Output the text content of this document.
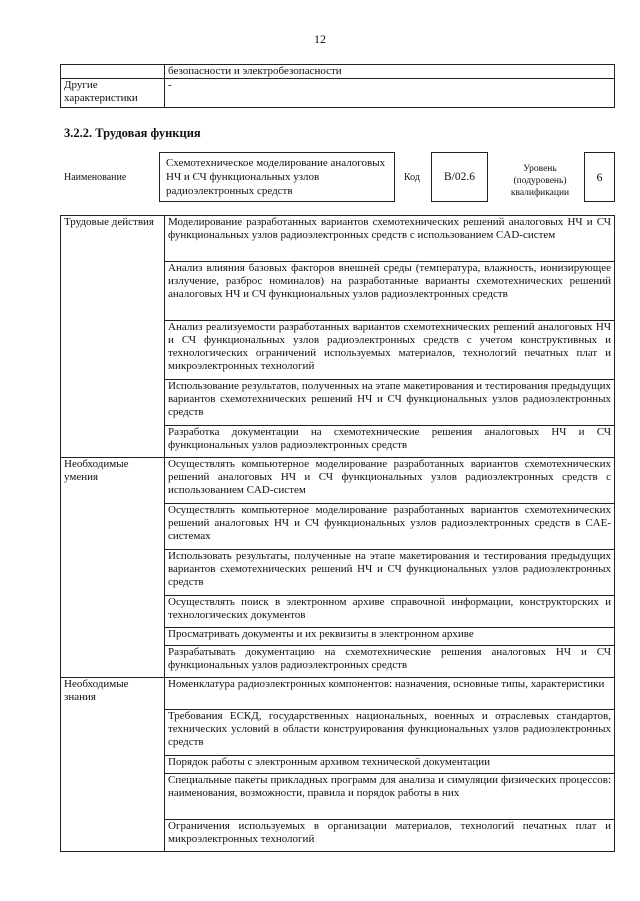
12
	безопасности и электробезопасности
Другие характеристики	-
3.2.2. Трудовая функция
Наименование
Схемотехническое моделирование аналоговых НЧ и СЧ функциональных узлов радиоэлектронных средств
Код	В/02.6
Уровень (подуровень) квалификации
6
Трудовые действия	Моделирование разработанных вариантов схемотехнических решений аналоговых НЧ и СЧ функциональных узлов радиоэлектронных средств с использованием CAD-систем
	Анализ влияния базовых факторов внешней среды (температура, влажность, ионизирующее излучение, разброс номиналов) на разработанные варианты схемотехнических решений аналоговых НЧ и СЧ функциональных узлов радиоэлектронных средств
	Анализ реализуемости разработанных вариантов схемотехнических решений аналоговых НЧ и СЧ функциональных узлов радиоэлектронных средств с учетом конструктивных и технологических ограничений используемых материалов, технологий печатных плат и микроэлектронных технологий
	Использование результатов, полученных на этапе макетирования и тестирования предыдущих вариантов схемотехнических решений НЧ и СЧ функциональных узлов радиоэлектронных средств
	Разработка документации на схемотехнические решения аналоговых НЧ и СЧ функциональных узлов радиоэлектронных средств
Необходимые умения	Осуществлять компьютерное моделирование разработанных вариантов схемотехнических решений аналоговых НЧ и СЧ функциональных узлов радиоэлектронных средств с использованием CAD-систем
	Осуществлять компьютерное моделирование разработанных вариантов схемотехнических решений аналоговых НЧ и СЧ функциональных узлов радиоэлектронных средств в CAE-системах
	Использовать результаты, полученные на этапе макетирования и тестирования предыдущих вариантов схемотехнических решений НЧ и СЧ функциональных узлов радиоэлектронных средств
	Осуществлять поиск в электронном архиве справочной информации, конструкторских и технологических документов
	Просматривать документы и их реквизиты в электронном архиве
	Разрабатывать документацию на схемотехнические решения аналоговых НЧ и СЧ функциональных узлов радиоэлектронных средств
Необходимые знания	Номенклатура радиоэлектронных компонентов: назначения, основные типы, характеристики
	Требования ЕСКД, государственных национальных, военных и отраслевых стандартов, технических условий в области конструирования функциональных узлов радиоэлектронных средств
	Порядок работы с электронным архивом технической документации
	Специальные пакеты прикладных программ для анализа и симуляции физических процессов: наименования, возможности, правила и порядок работы в них
	Ограничения используемых в организации материалов, технологий печатных плат и микроэлектронных технологий
